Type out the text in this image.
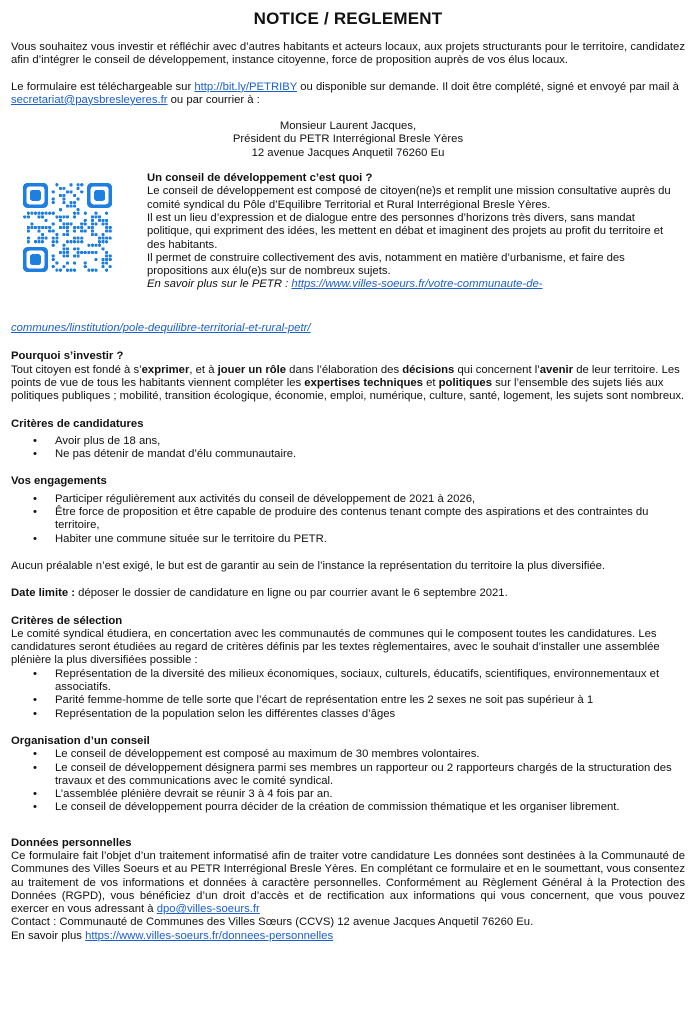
NOTICE / REGLEMENT

Vous souhaitez vous investir et réfléchir avec d’autres habitants et acteurs locaux, aux projets structurants pour le territoire, candidatez afin d’intégrer le conseil de développement, instance citoyenne, force de proposition auprès de vos élus locaux.

Le formulaire est téléchargeable sur http://bit.ly/PETRIBY ou disponible sur demande. Il doit être complété, signé et envoyé par mail à secretariat@paysbresleyeres.fr ou par courrier à :

Monsieur Laurent Jacques,
Président du PETR Interrégional Bresle Yères
12 avenue Jacques Anquetil 76260 Eu

Un conseil de développement c’est quoi ?

Le conseil de développement est composé de citoyen(ne)s et remplit une mission consultative auprès du comité syndical du Pôle d’Equilibre Territorial et Rural Interrégional Bresle Yères.

Il est un lieu d’expression et de dialogue entre des personnes d’horizons très divers, sans mandat politique, qui expriment des idées, les mettent en débat et imaginent des projets au profit du territoire et des habitants.

Il permet de construire collectivement des avis, notamment en matière d’urbanisme, et faire des propositions aux élu(e)s sur de nombreux sujets.

En savoir plus sur le PETR : https://www.villes-soeurs.fr/votre-communaute-de-

communes/linstitution/pole-dequilibre-territorial-et-rural-petr/

Pourquoi s’investir ?

Tout citoyen est fondé à s’exprimer, et à jouer un rôle dans l’élaboration des décisions qui concernent l’avenir de leur territoire. Les points de vue de tous les habitants viennent compléter les expertises techniques et politiques sur l’ensemble des sujets liés aux politiques publiques ; mobilité, transition écologique, économie, emploi, numérique, culture, santé, logement, les sujets sont nombreux.

Critères de candidatures

• Avoir plus de 18 ans,
• Ne pas détenir de mandat d’élu communautaire.

Vos engagements

• Participer régulièrement aux activités du conseil de développement de 2021 à 2026,
• Être force de proposition et être capable de produire des contenus tenant compte des aspirations et des contraintes du territoire,
• Habiter une commune située sur le territoire du PETR.

Aucun préalable n’est exigé, le but est de garantir au sein de l’instance la représentation du territoire la plus diversifiée.

Date limite : déposer le dossier de candidature en ligne ou par courrier avant le 6 septembre 2021.

Critères de sélection

Le comité syndical étudiera, en concertation avec les communautés de communes qui le composent toutes les candidatures. Les candidatures seront étudiées au regard de critères définis par les textes règlementaires, avec le souhait d’installer une assemblée plénière la plus diversifiées possible :

• Représentation de la diversité des milieux économiques, sociaux, culturels, éducatifs, scientifiques, environnementaux et associatifs.
• Parité femme-homme de telle sorte que l’écart de représentation entre les 2 sexes ne soit pas supérieur à 1
• Représentation de la population selon les différentes classes d’âges

Organisation d’un conseil

• Le conseil de développement est composé au maximum de 30 membres volontaires.
• Le conseil de développement désignera parmi ses membres un rapporteur ou 2 rapporteurs chargés de la structuration des travaux et des communications avec le comité syndical.
• L’assemblée plénière devrait se réunir 3 à 4 fois par an.
• Le conseil de développement pourra décider de la création de commission thématique et les organiser librement.

Données personnelles

Ce formulaire fait l’objet d’un traitement informatisé afin de traiter votre candidature Les données sont destinées à la Communauté de Communes des Villes Soeurs et au PETR Interrégional Bresle Yères. En complétant ce formulaire et en le soumettant, vous consentez au traitement de vos informations et données à caractère personnelles. Conformément au Règlement Général à la Protection des Données (RGPD), vous bénéficiez d’un droit d’accès et de rectification aux informations qui vous concernent, que vous pouvez exercer en vous adressant à dpo@villes-soeurs.fr

Contact : Communauté de Communes des Villes Sœurs (CCVS) 12 avenue Jacques Anquetil 76260 Eu.

En savoir plus https://www.villes-soeurs.fr/donnees-personnelles
